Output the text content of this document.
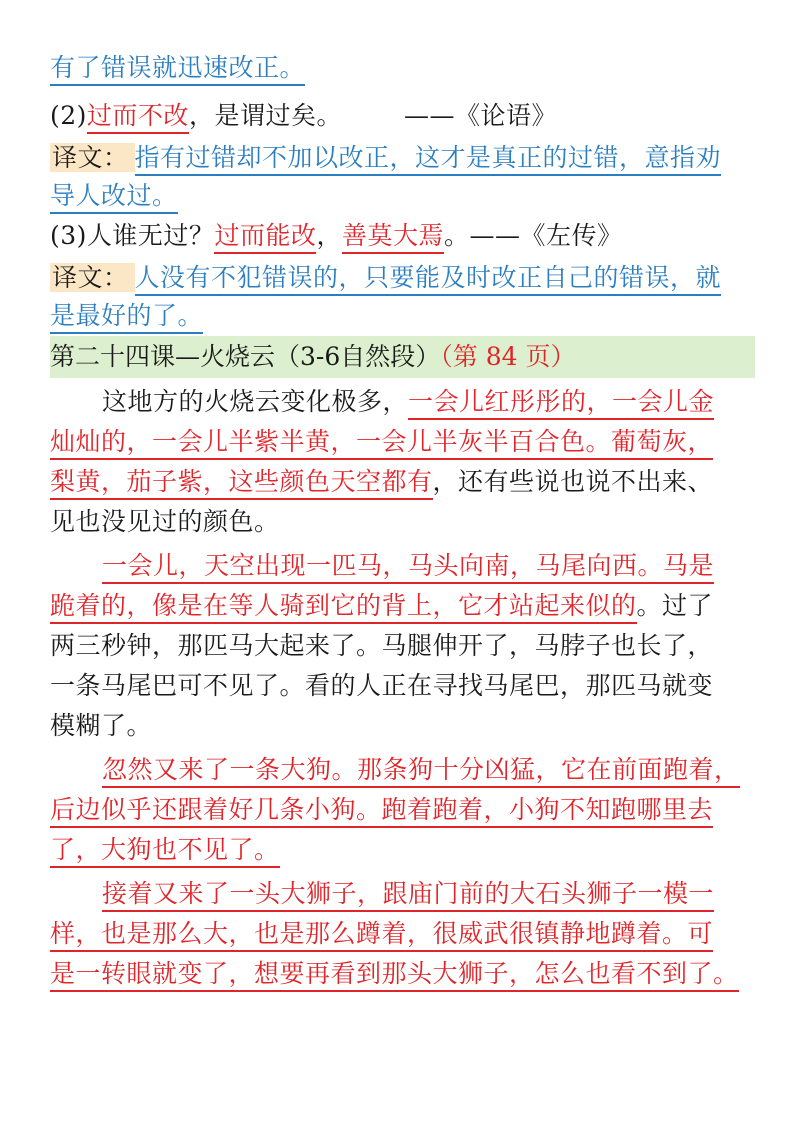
有了错误就迅速改正。
(2)过而不改，是谓过矣。 ——《论语》
译文： 指有过错却不加以改正，这才是真正的过错，意指劝
导人改过。
(3)人谁无过？过而能改，善莫大焉。——《左传》
译文： 人没有不犯错误的，只要能及时改正自己的错误，就
是最好的了。
第二十四课—火烧云（3-6自然段）（第 84 页）
这地方的火烧云变化极多，一会儿红彤彤的，一会儿金
灿灿的，一会儿半紫半黄，一会儿半灰半百合色。葡萄灰，
梨黄，茄子紫，这些颜色天空都有，还有些说也说不出来、
见也没见过的颜色。
一会儿，天空出现一匹马，马头向南，马尾向西。马是
跪着的，像是在等人骑到它的背上，它才站起来似的。过了
两三秒钟，那匹马大起来了。马腿伸开了，马脖子也长了，
一条马尾巴可不见了。看的人正在寻找马尾巴，那匹马就变
模糊了。
忽然又来了一条大狗。那条狗十分凶猛，它在前面跑着，
后边似乎还跟着好几条小狗。跑着跑着，小狗不知跑哪里去
了，大狗也不见了。
接着又来了一头大狮子，跟庙门前的大石头狮子一模一
样，也是那么大，也是那么蹲着，很威武很镇静地蹲着。可
是一转眼就变了，想要再看到那头大狮子，怎么也看不到了。
